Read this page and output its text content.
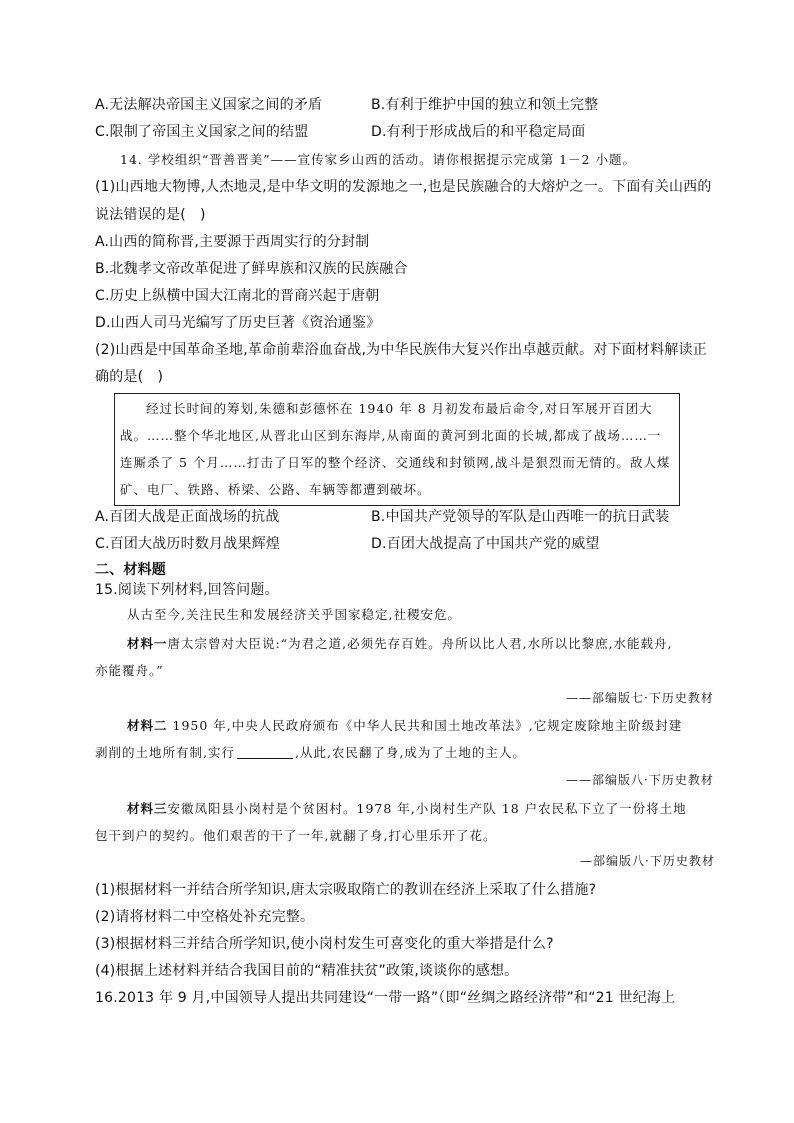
A.无法解决帝国主义国家之间的矛盾	B.有利于维护中国的独立和领土完整
C.限制了帝国主义国家之间的结盟	D.有利于形成战后的和平稳定局面
14. 学校组织“晋善晋美”——宣传家乡山西的活动。请你根据提示完成第 1－2 小题。
(1)山西地大物博,人杰地灵,是中华文明的发源地之一,也是民族融合的大熔炉之一。下面有关山西的
说法错误的是(　)
A.山西的简称晋,主要源于西周实行的分封制
B.北魏孝文帝改革促进了鲜卑族和汉族的民族融合
C.历史上纵横中国大江南北的晋商兴起于唐朝
D.山西人司马光编写了历史巨著《资治通鉴》
(2)山西是中国革命圣地,革命前辈浴血奋战,为中华民族伟大复兴作出卓越贡献。对下面材料解读正
确的是(　)
经过长时间的筹划,朱德和彭德怀在 1940 年 8 月初发布最后命令,对日军展开百团大
战。……整个华北地区,从晋北山区到东海岸,从南面的黄河到北面的长城,都成了战场……一
连厮杀了 5 个月……打击了日军的整个经济、交通线和封锁网,战斗是狠烈而无情的。敌人煤
矿、电厂、铁路、桥梁、公路、车辆等都遭到破坏。
A.百团大战是正面战场的抗战	B.中国共产党领导的军队是山西唯一的抗日武装
C.百团大战历时数月战果辉煌	D.百团大战提高了中国共产党的威望
二、材料题
15.阅读下列材料,回答问题。
从古至今,关注民生和发展经济关乎国家稳定,社稷安危。
材料一唐太宗曾对大臣说:“为君之道,必须先存百姓。舟所以比人君,水所以比黎庶,水能载舟,
亦能覆舟。”
——部编版七·下历史教材
材料二 1950 年,中央人民政府颁布《中华人民共和国土地改革法》,它规定废除地主阶级封建
剥削的土地所有制,实行	,从此,农民翻了身,成为了土地的主人。
——部编版八·下历史教材
材料三安徽凤阳县小岗村是个贫困村。1978 年,小岗村生产队 18 户农民私下立了一份将土地
包干到户的契约。他们艰苦的干了一年,就翻了身,打心里乐开了花。
—部编版八·下历史教材
(1)根据材料一并结合所学知识,唐太宗吸取隋亡的教训在经济上采取了什么措施?
(2)请将材料二中空格处补充完整。
(3)根据材料三并结合所学知识,使小岗村发生可喜变化的重大举措是什么?
(4)根据上述材料并结合我国目前的“精准扶贫”政策,谈谈你的感想。
16.2013 年 9 月,中国领导人提出共同建设“一带一路”（即“丝绸之路经济带”和“21 世纪海上
